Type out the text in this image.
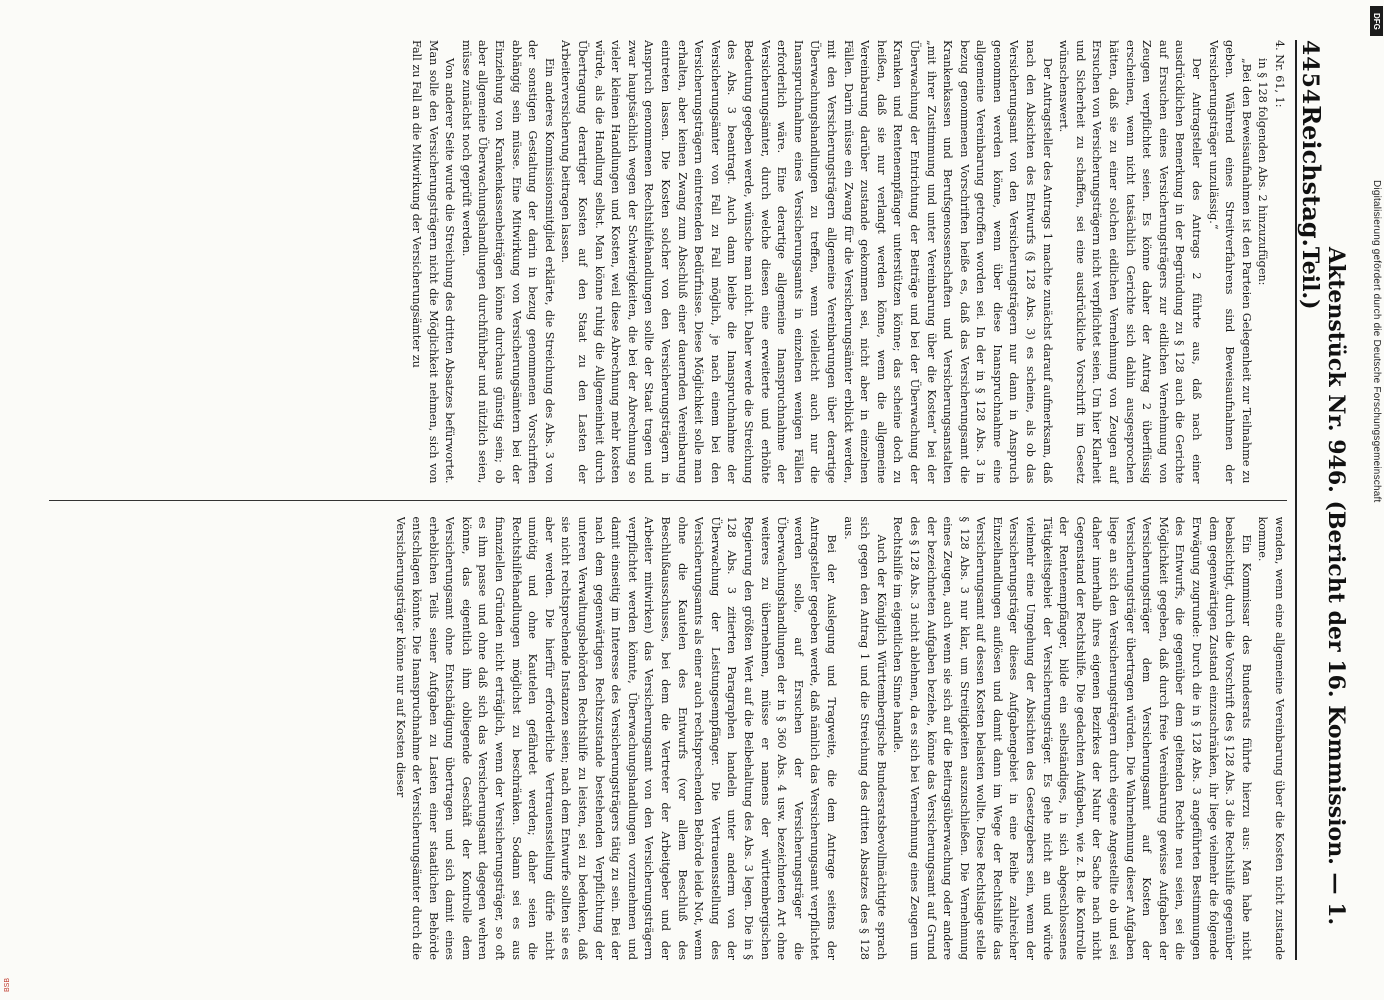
4454
Reichstag.
Aktenstück Nr. 946. (Bericht der 16. Kommission. — 1. Teil.)

4. Nr. 61, 1:

in § 128 folgenden Abs. 2 hinzuzufügen:

„Bei den Beweisaufnahmen ist den Parteien Gelegenheit zur Teilnahme zu geben. Während eines Streitverfahrens sind Beweisaufnahmen der Versicherungsträger unzulässig.“

Der Antragsteller des Antrags 2 führte aus, daß nach einer ausdrücklichen Bemerkung in der Begründung zu § 128 auch die Gerichte auf Ersuchen eines Versicherungsträgers zur eidlichen Vernehmung von Zeugen verpflichtet seien. Es könne daher der Antrag 2 überflüssig erscheinen, wenn nicht tatsächlich Gerichte sich dahin ausgesprochen hätten, daß sie zu einer solchen eidlichen Vernehmung von Zeugen auf Ersuchen von Versicherungsträgern nicht verpflichtet seien. Um hier Klarheit und Sicherheit zu schaffen, sei eine ausdrückliche Vorschrift im Gesetz wünschenswert.

Der Antragsteller des Antrags 1 machte zunächst darauf aufmerksam, daß nach den Absichten des Entwurfs (§ 128 Abs. 3) es scheine, als ob das Versicherungsamt von den Versicherungsträgern nur dann in Anspruch genommen werden könne, wenn über diese Inanspruchnahme eine allgemeine Vereinbarung getroffen worden sei. In der in § 128 Abs. 3 in bezug genommenen Vorschriften heiße es, daß das Versicherungsamt die Krankenkassen und Berufsgenossenschaften und Versicherungsanstalten „mit ihrer Zustimmung und unter Vereinbarung über die Kosten“ bei der Überwachung der Entrichtung der Beiträge und bei der Überwachung der Kranken und Rentenempfänger unterstützen könne; das scheine doch zu heißen, daß sie nur verlangt werden könne, wenn die allgemeine Vereinbarung darüber zustande gekommen sei, nicht aber in einzelnen Fällen. Darin müsse ein Zwang für die Versicherungsämter erblickt werden, mit den Versicherungsträgern allgemeine Vereinbarungen über derartige Überwachungshandlungen zu treffen, wenn vielleicht auch nur die Inanspruchnahme eines Versicherungsamts in einzelnen wenigen Fällen erforderlich wäre. Eine derartige allgemeine Inanspruchnahme der Versicherungsämter, durch welche diesen eine erweiterte und erhöhte Bedeutung gegeben werde, wünsche man nicht. Daher werde die Streichung des Abs. 3 beantragt. Auch dann bleibe die Inanspruchnahme der Versicherungsämter von Fall zu Fall möglich, je nach einem bei den Versicherungsträgern eintretenden Bedürfnisse. Diese Möglichkeit solle man erhalten, aber keinen Zwang zum Abschluß einer dauernden Vereinbarung eintreten lassen. Die Kosten solcher von den Versicherungsträgern in Anspruch genommenen Rechtshilfehandlungen sollte der Staat tragen und zwar hauptsächlich wegen der Schwierigkeiten, die bei der Abrechnung so vieler kleinen Handlungen und Kosten, weil diese Abrechnung mehr kosten würde, als die Handlung selbst. Man könne ruhig die Allgemeinheit durch Übertragung derartiger Kosten auf den Staat zu den Lasten der Arbeiterversicherung beitragen lassen.

Ein anderes Kommissionsmitglied erklärte, die Streichung des Abs. 3 von der sonstigen Gestaltung der darin in bezug genommenen Vorschriften abhängig sein müsse. Eine Mitwirkung von Versicherungsämtern bei der Einziehung von Krankenkassenbeiträgen könne durchaus günstig sein; ob aber allgemeine Überwachungshandlungen durchführbar und nützlich seien, müsse zunächst noch geprüft werden.

Von anderer Seite wurde die Streichung des dritten Absatzes befürwortet. Man solle den Versicherungsträgern nicht die Möglichkeit nehmen, sich von Fall zu Fall an die Mitwirkung der Versicherungsämter zu

wenden, wenn eine allgemeine Vereinbarung über die Kosten nicht zustande komme.

Ein Kommissar des Bundesrats führte hierzu aus: Man habe nicht beabsichtigt, durch die Vorschrift des § 128 Abs. 3 die Rechtshilfe gegenüber dem gegenwärtigen Zustand einzuschränken, ihr liege vielmehr die folgende Erwägung zugrunde: Durch die in § 128 Abs. 3 angeführten Bestimmungen des Entwurfs, die gegenüber dem geltenden Rechte neu seien, sei die Möglichkeit gegeben, daß durch freie Vereinbarung gewisse Aufgaben der Versicherungsträger dem Versicherungsamt auf Kosten der Versicherungsträger übertragen würden. Die Wahrnehmung dieser Aufgaben liege an sich den Versicherungsträgern durch eigene Angestellte ob und sei daher innerhalb ihres eigenen Bezirkes der Natur der Sache nach nicht Gegenstand der Rechtshilfe. Die gedachten Aufgaben, wie z. B. die Kontrolle der Rentenempfänger, bilde ein selbständiges, in sich abgeschlossenes Tätigkeitsgebiet der Versicherungsträger. Es gehe nicht an und würde vielmehr eine Umgehung der Absichten des Gesetzgebers sein, wenn der Versicherungsträger dieses Aufgabengebiet in eine Reihe zahlreicher Einzelhandlungen auflösen und damit dann im Wege der Rechtshilfe das Versicherungsamt auf dessen Kosten belasten wollte. Diese Rechtslage stelle § 128 Abs. 3 nur klar, um Streitigkeiten auszuschließen. Die Vernehmung eines Zeugen, auch wenn sie sich auf die Beitragsüberwachung oder andere der bezeichneten Aufgaben beziehe, könne das Versicherungsamt auf Grund des § 128 Abs. 3 nicht ablehnen, da es sich bei Vernehmung eines Zeugen um Rechtshilfe im eigentlichen Sinne handle.

Auch der Königlich Württembergische Bundesratsbevollmächtigte sprach sich gegen den Antrag 1 und die Streichung des dritten Absatzes des § 128 aus.

Bei der Auslegung und Tragweite, die dem Antrage seitens der Antragsteller gegeben werde, daß nämlich das Versicherungsamt verpflichtet werden solle, auf Ersuchen der Versicherungsträger die Überwachungshandlungen der in § 360 Abs. 4 usw. bezeichneten Art ohne weiteres zu übernehmen, müsse er namens der württembergischen Regierung den größten Wert auf die Beibehaltung des Abs. 3 legen. Die in § 128 Abs. 3 zitierten Paragraphen handeln unter anderm von der Überwachung der Leistungsempfänger. Die Vertrauensstellung des Versicherungsamts als einer auch rechtsprechenden Behörde leide Not, wenn ohne die Kautelen des Entwurfs (vor allem Beschluß des Beschlußausschusses, bei dem die Vertreter der Arbeitgeber und der Arbeiter mitwirken) das Versicherungsamt von den Versicherungsträgern verpflichtet werden könnte, Überwachungshandlungen vorzunehmen und damit einseitig im Interesse des Versicherungsträgers tätig zu sein. Bei der nach dem gegenwärtigen Rechtszustande bestehenden Verpflichtung der unteren Verwaltungsbehörden Rechtshilfe zu leisten, sei zu bedenken, daß sie nicht rechtsprechende Instanzen seien; nach dem Entwurfe sollten sie es aber werden. Die hierfür erforderliche Vertrauensstellung dürfe nicht unnötig und ohne Kautelen gefährdet werden; daher seien die Rechtshilfehandlungen möglichst zu beschränken. Sodann sei es aus finanziellen Gründen nicht erträglich, wenn der Versicherungsträger, so oft es ihm passe und ohne daß sich das Versicherungsamt dagegen wehren könne, das eigentlich ihm obliegende Geschäft der Kontrolle dem Versicherungsamt ohne Entschädigung übertragen und sich damit eines erheblichen Teils seiner Aufgaben zu Lasten einer staatlichen Behörde entschlagen könnte. Die Inanspruchnahme der Versicherungsämter durch die Versicherungsträger könne nur auf Kosten dieser

DFG
Digitalisierung gefördert durch die Deutsche Forschungsgemeinschaft
BSB
